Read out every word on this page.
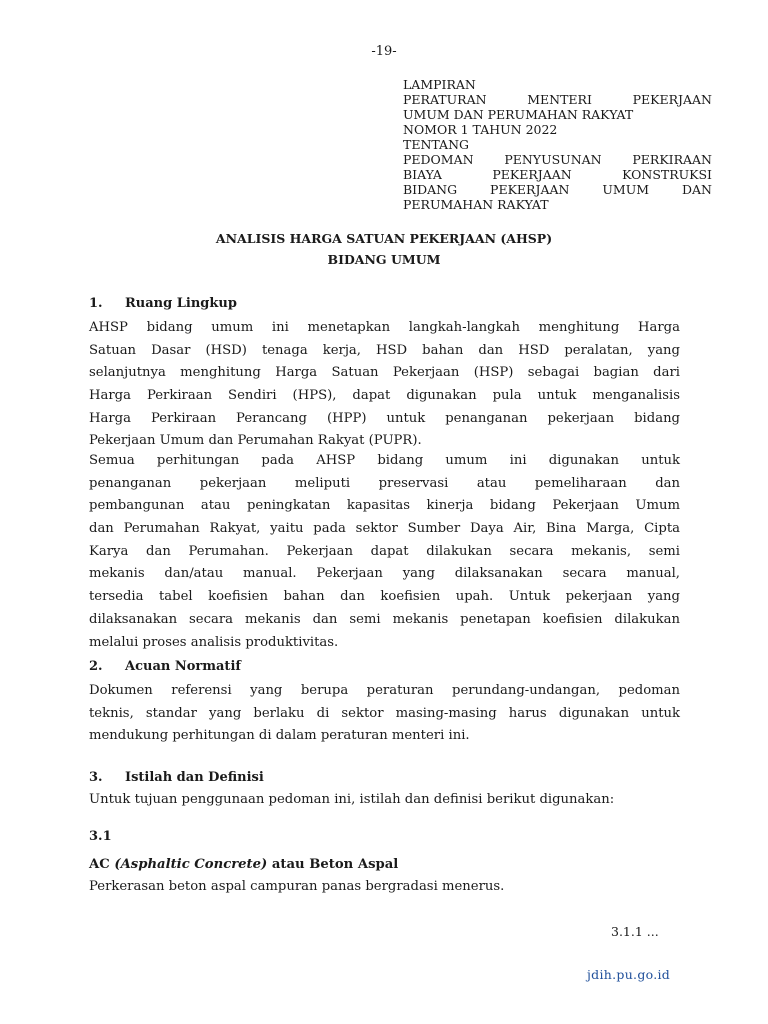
-19-
LAMPIRAN
PERATURAN MENTERI PEKERJAAN
UMUM DAN PERUMAHAN RAKYAT
NOMOR 1 TAHUN 2022
TENTANG
PEDOMAN PENYUSUNAN PERKIRAAN
BIAYA PEKERJAAN KONSTRUKSI
BIDANG PEKERJAAN UMUM DAN
PERUMAHAN RAKYAT
ANALISIS HARGA SATUAN PEKERJAAN (AHSP)
BIDANG UMUM
1. Ruang Lingkup
AHSP bidang umum ini menetapkan langkah-langkah menghitung Harga
Satuan Dasar (HSD) tenaga kerja, HSD bahan dan HSD peralatan, yang
selanjutnya menghitung Harga Satuan Pekerjaan (HSP) sebagai bagian dari
Harga Perkiraan Sendiri (HPS), dapat digunakan pula untuk menganalisis
Harga Perkiraan Perancang (HPP) untuk penanganan pekerjaan bidang
Pekerjaan Umum dan Perumahan Rakyat (PUPR).
Semua perhitungan pada AHSP bidang umum ini digunakan untuk
penanganan pekerjaan meliputi preservasi atau pemeliharaan dan
pembangunan atau peningkatan kapasitas kinerja bidang Pekerjaan Umum
dan Perumahan Rakyat, yaitu pada sektor Sumber Daya Air, Bina Marga, Cipta
Karya dan Perumahan. Pekerjaan dapat dilakukan secara mekanis, semi
mekanis dan/atau manual. Pekerjaan yang dilaksanakan secara manual,
tersedia tabel koefisien bahan dan koefisien upah. Untuk pekerjaan yang
dilaksanakan secara mekanis dan semi mekanis penetapan koefisien dilakukan
melalui proses analisis produktivitas.
2. Acuan Normatif
Dokumen referensi yang berupa peraturan perundang-undangan, pedoman
teknis, standar yang berlaku di sektor masing-masing harus digunakan untuk
mendukung perhitungan di dalam peraturan menteri ini.
3. Istilah dan Definisi
Untuk tujuan penggunaan pedoman ini, istilah dan definisi berikut digunakan:
3.1
AC (Asphaltic Concrete) atau Beton Aspal
Perkerasan beton aspal campuran panas bergradasi menerus.
3.1.1 ...
jdih.pu.go.id
